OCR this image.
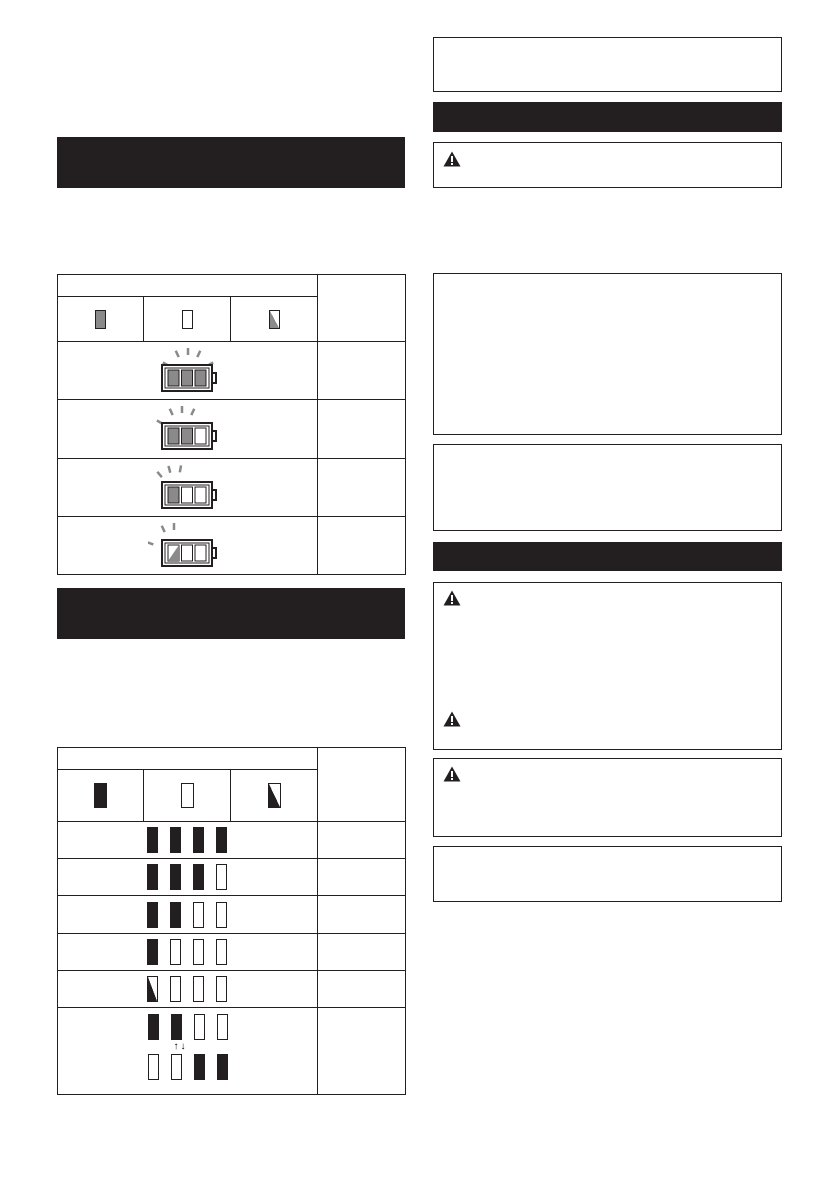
↑↓			
